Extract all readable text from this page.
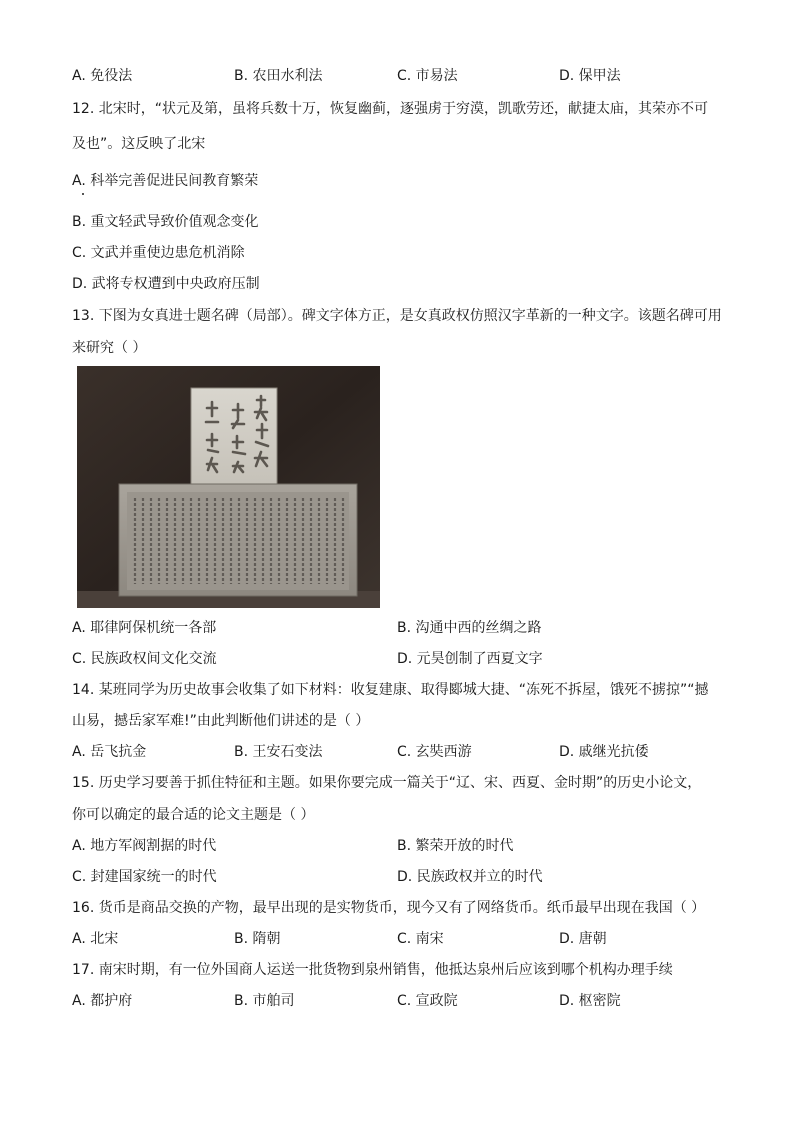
A. 免役法	B. 农田水利法	C. 市易法	D. 保甲法
12. 北宋时，“状元及第，虽将兵数十万，恢复幽蓟，逐强虏于穷漠，凯歌劳还，献捷太庙，其荣亦不可
及也”。这反映了北宋
A. 科举完善促进民间教育繁荣
B. 重文轻武导致价值观念变化
C. 文武并重使边患危机消除
D. 武将专权遭到中央政府压制
13. 下图为女真进士题名碑（局部）。碑文字体方正，是女真政权仿照汉字革新的一种文字。该题名碑可用
来研究（ ）
A. 耶律阿保机统一各部	B. 沟通中西的丝绸之路
C. 民族政权间文化交流	D. 元昊创制了西夏文字
14. 某班同学为历史故事会收集了如下材料：收复建康、取得郾城大捷、“冻死不拆屋，饿死不掳掠”“撼
山易，撼岳家军难!”由此判断他们讲述的是（ ）
A. 岳飞抗金	B. 王安石变法	C. 玄奘西游	D. 戚继光抗倭
15. 历史学习要善于抓住特征和主题。如果你要完成一篇关于“辽、宋、西夏、金时期”的历史小论文，
你可以确定的最合适的论文主题是（ ）
A. 地方军阀割据的时代	B. 繁荣开放的时代
C. 封建国家统一的时代	D. 民族政权并立的时代
16. 货币是商品交换的产物，最早出现的是实物货币，现今又有了网络货币。纸币最早出现在我国（ ）
A. 北宋	B. 隋朝	C. 南宋	D. 唐朝
17. 南宋时期，有一位外国商人运送一批货物到泉州销售，他抵达泉州后应该到哪个机构办理手续
A. 都护府	B. 市舶司	C. 宣政院	D. 枢密院
